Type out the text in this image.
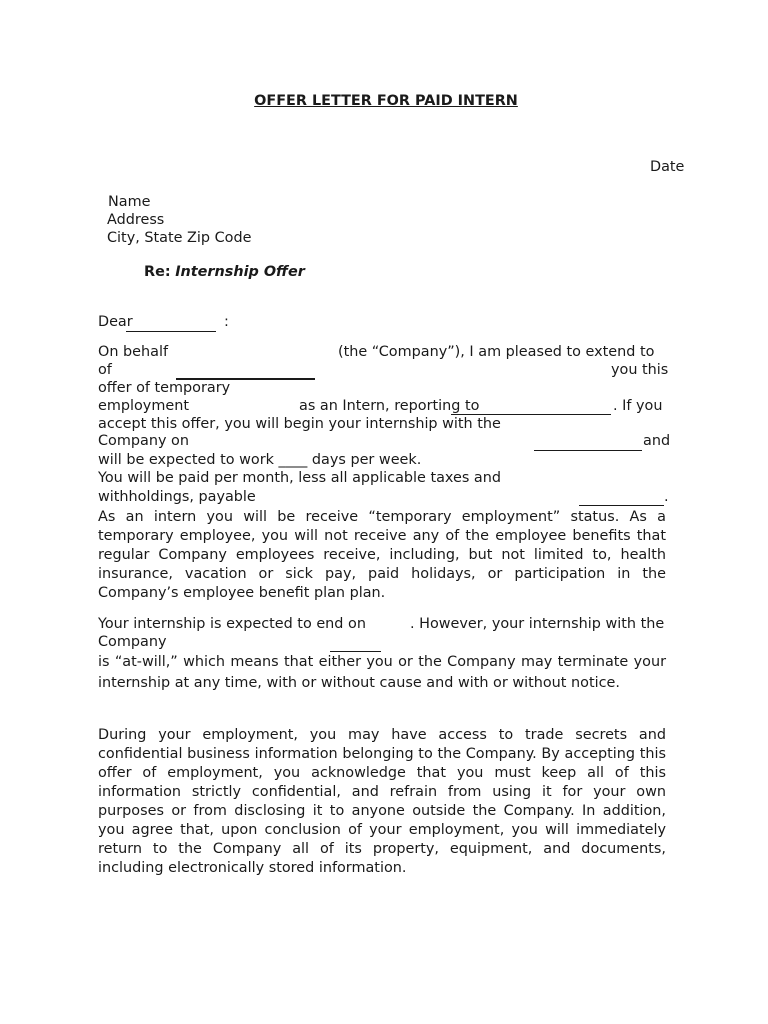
OFFER LETTER FOR PAID INTERN
Date
Name
Address
City, State Zip Code
Re: Internship Offer
Dear	:
On behalf	(the “Company”), I am pleased to extend to
of	you this
offer of temporary
employment	as an Intern, reporting to	. If you
accept this offer, you will begin your internship with the
Company on	and
will be expected to work ____ days per week.
You will be paid per month, less all applicable taxes and
withholdings, payable	.
As an intern you will be receive “temporary employment” status. As a temporary employee, you will not receive any of the employee benefits that regular Company employees receive, including, but not limited to, health insurance, vacation or sick pay, paid holidays, or participation in the Company’s employee benefit plan plan.
Your internship is expected to end on	. However, your internship with the
Company
is “at-will,” which means that either you or the Company may terminate your internship at any time, with or without cause and with or without notice.
During your employment, you may have access to trade secrets and confidential business information belonging to the Company. By accepting this offer of employment, you acknowledge that you must keep all of this information strictly confidential, and refrain from using it for your own purposes or from disclosing it to anyone outside the Company. In addition, you agree that, upon conclusion of your employment, you will immediately return to the Company all of its property, equipment, and documents, including electronically stored information.
